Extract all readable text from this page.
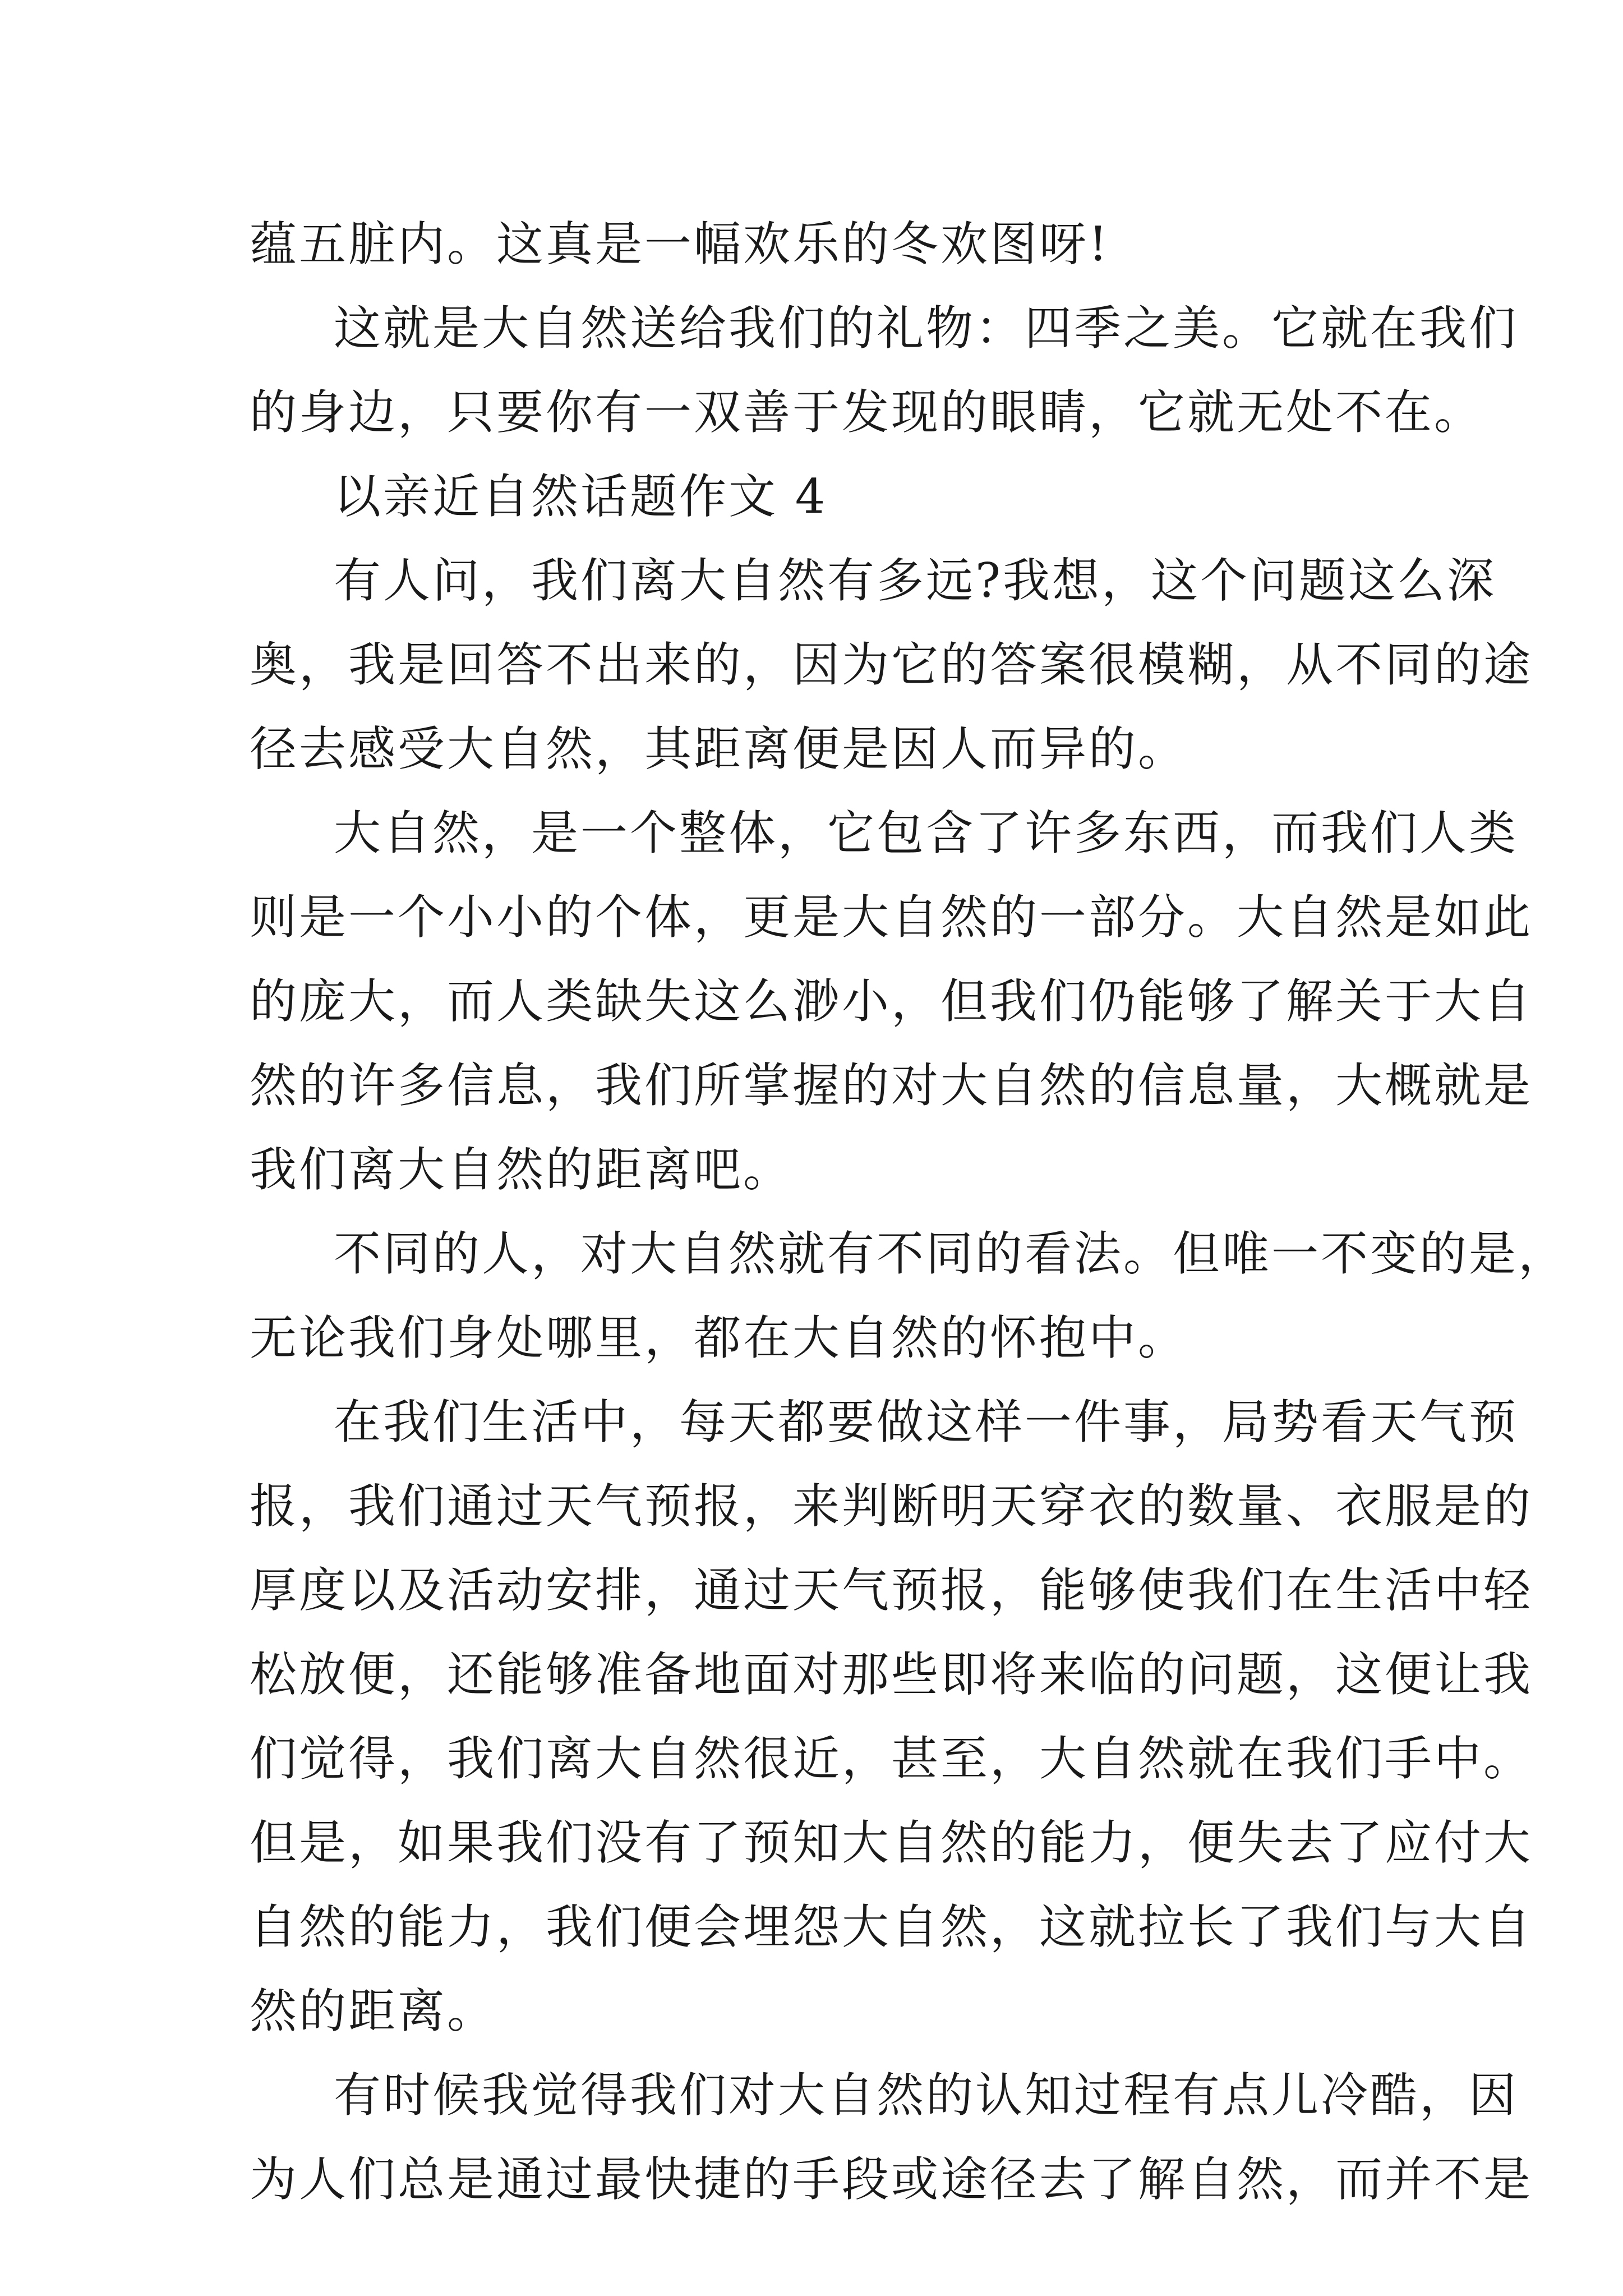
蕴五脏内。这真是一幅欢乐的冬欢图呀!
这就是大自然送给我们的礼物：四季之美。它就在我们
的身边，只要你有一双善于发现的眼睛，它就无处不在。
以亲近自然话题作文 4
有人问，我们离大自然有多远?我想，这个问题这么深
奥，我是回答不出来的，因为它的答案很模糊，从不同的途
径去感受大自然，其距离便是因人而异的。
大自然，是一个整体，它包含了许多东西，而我们人类
则是一个小小的个体，更是大自然的一部分。大自然是如此
的庞大，而人类缺失这么渺小，但我们仍能够了解关于大自
然的许多信息，我们所掌握的对大自然的信息量，大概就是
我们离大自然的距离吧。
不同的人，对大自然就有不同的看法。但唯一不变的是，
无论我们身处哪里，都在大自然的怀抱中。
在我们生活中，每天都要做这样一件事，局势看天气预
报，我们通过天气预报，来判断明天穿衣的数量、衣服是的
厚度以及活动安排，通过天气预报，能够使我们在生活中轻
松放便，还能够准备地面对那些即将来临的问题，这便让我
们觉得，我们离大自然很近，甚至，大自然就在我们手中。
但是，如果我们没有了预知大自然的能力，便失去了应付大
自然的能力，我们便会埋怨大自然，这就拉长了我们与大自
然的距离。
有时候我觉得我们对大自然的认知过程有点儿冷酷，因
为人们总是通过最快捷的手段或途径去了解自然，而并不是
